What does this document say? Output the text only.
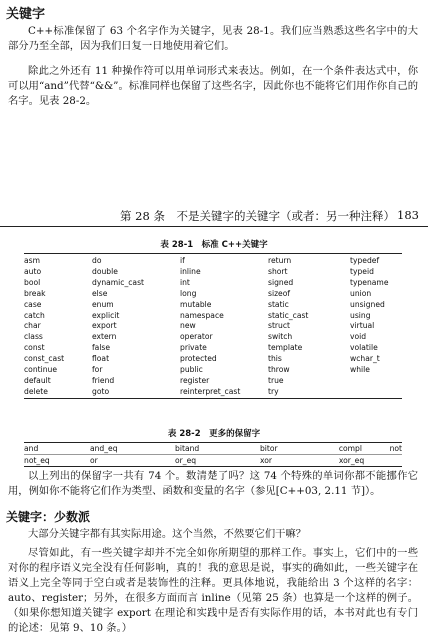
关键字

C++标准保留了 63 个名字作为关键字，见表 28-1。我们应当熟悉这些名字中的大部分乃至全部，因为我们日复一日地使用着它们。

除此之外还有 11 种操作符可以用单词形式来表达。例如，在一个条件表达式中，你可以用“and”代替“&&”。标准同样也保留了这些名字，因此你也不能将它们用作你自己的名字。见表 28-2。

第 28 条　不是关键字的关键字（或者：另一种注释） 183
表 28-1　标准 C++关键字
asm	do	if	return	typedef
auto	double	inline	short	typeid
bool	dynamic_cast	int	signed	typename
break	else	long	sizeof	union
case	enum	mutable	static	unsigned
catch	explicit	namespace	static_cast	using
char	export	new	struct	virtual
class	extern	operator	switch	void
const	false	private	template	volatile
const_cast	float	protected	this	wchar_t
continue	for	public	throw	while
default	friend	register	true	
delete	goto	reinterpret_cast	try	
表 28-2　更多的保留字
and	and_eq	bitand	bitor	compl	not
not_eq	or	or_eq	xor	xor_eq	

以上列出的保留字一共有 74 个。数清楚了吗？这 74 个特殊的单词你都不能挪作它用，例如你不能将它们作为类型、函数和变量的名字（参见[C++03, 2.11 节]）。

关键字：少数派

大部分关键字都有其实际用途。这个当然，不然要它们干嘛？

尽管如此，有一些关键字却并不完全如你所期望的那样工作。事实上，它们中的一些对你的程序语义完全没有任何影响，真的！我的意思是说，事实的确如此，一些关键字在语义上完全等同于空白或者是装饰性的注释。更具体地说，我能给出 3 个这样的名字：auto、register；另外，在很多方面而言 inline（见第 25 条）也算是一个这样的例子。（如果你想知道关键字 export 在理论和实践中是否有实际作用的话，本书对此也有专门的论述：见第 9、10 条。）
